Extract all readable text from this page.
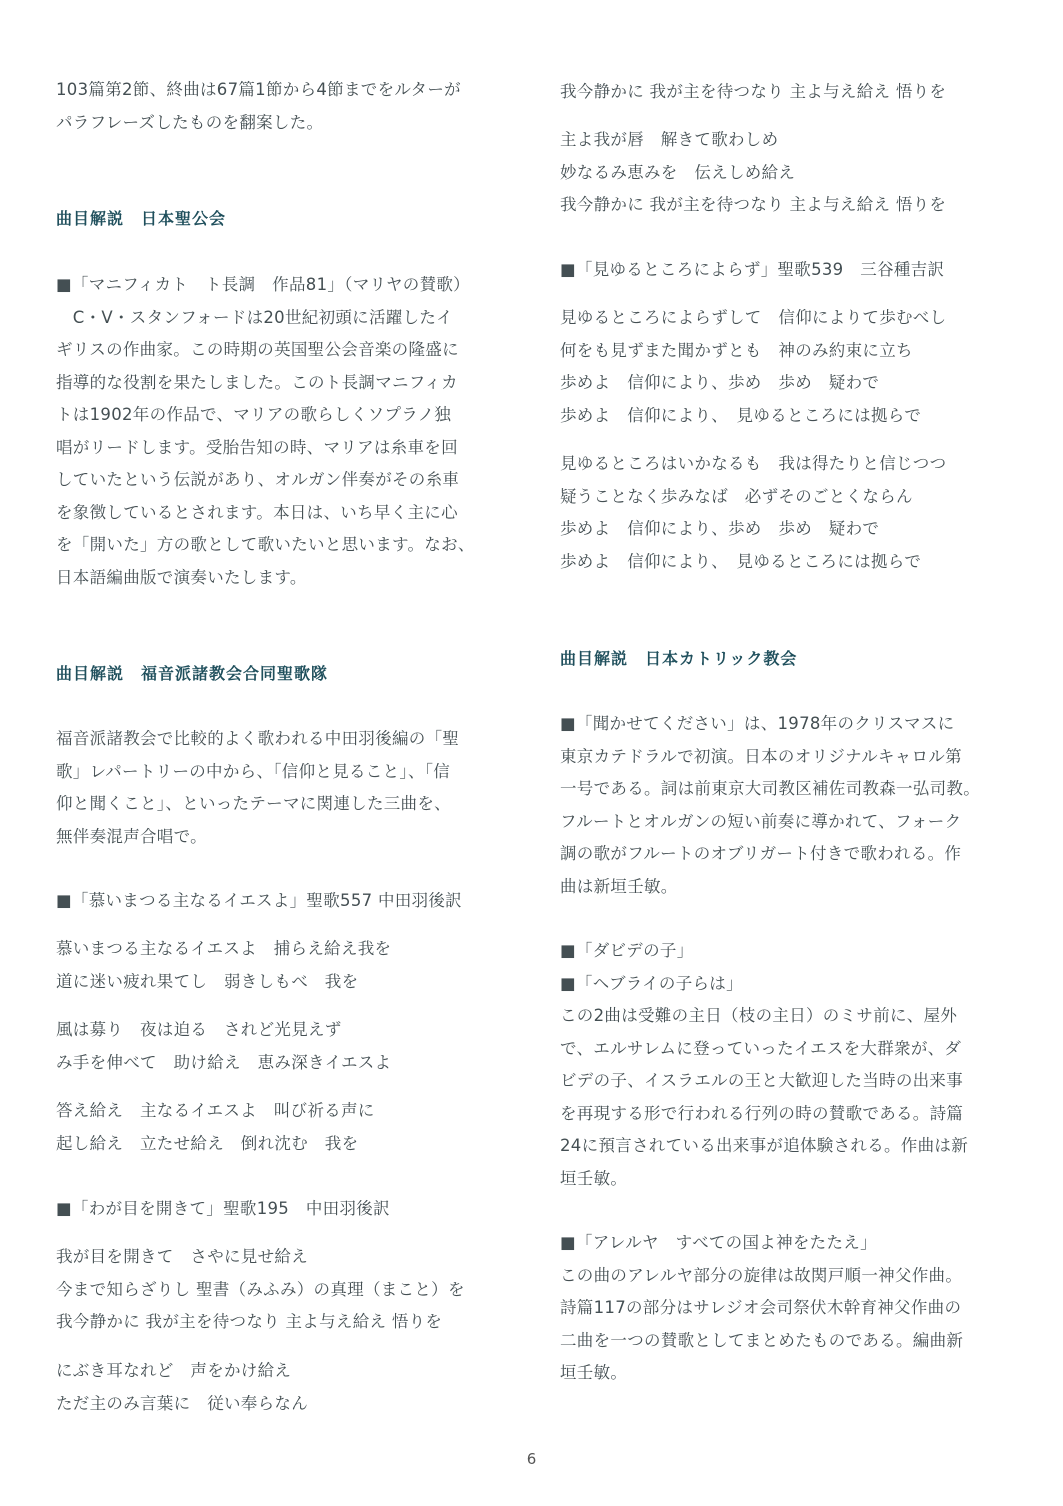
103篇第2節、終曲は67篇1節から4節までをルターが
パラフレーズしたものを翻案した。
曲目解説　日本聖公会
■「マニフィカト　ト長調　作品81」（マリヤの賛歌）
　C・V・スタンフォードは20世紀初頭に活躍したイ
ギリスの作曲家。この時期の英国聖公会音楽の隆盛に
指導的な役割を果たしました。このト長調マニフィカ
トは1902年の作品で、マリアの歌らしくソプラノ独
唱がリードします。受胎告知の時、マリアは糸車を回
していたという伝説があり、オルガン伴奏がその糸車
を象徴しているとされます。本日は、いち早く主に心
を「開いた」方の歌として歌いたいと思います。なお、
日本語編曲版で演奏いたします。
曲目解説　福音派諸教会合同聖歌隊
福音派諸教会で比較的よく歌われる中田羽後編の「聖
歌」レパートリーの中から、「信仰と見ること」、「信
仰と聞くこと」、といったテーマに関連した三曲を、
無伴奏混声合唱で。
■「慕いまつる主なるイエスよ」聖歌557 中田羽後訳
慕いまつる主なるイエスよ　捕らえ給え我を
道に迷い疲れ果てし　弱きしもべ　我を
風は募り　夜は迫る　されど光見えず
み手を伸べて　助け給え　恵み深きイエスよ
答え給え　主なるイエスよ　叫び祈る声に
起し給え　立たせ給え　倒れ沈む　我を
■「わが目を開きて」聖歌195　中田羽後訳
我が目を開きて　さやに見せ給え
今まで知らざりし 聖書（みふみ）の真理（まこと）を
我今静かに 我が主を待つなり 主よ与え給え 悟りを
にぶき耳なれど　声をかけ給え
ただ主のみ言葉に　従い奉らなん
我今静かに 我が主を待つなり 主よ与え給え 悟りを
主よ我が唇　解きて歌わしめ
妙なるみ恵みを　伝えしめ給え
我今静かに 我が主を待つなり 主よ与え給え 悟りを
■「見ゆるところによらず」聖歌539　三谷種吉訳
見ゆるところによらずして　信仰によりて歩むべし
何をも見ずまた聞かずとも　神のみ約束に立ち
歩めよ　信仰により、歩め　歩め　疑わで
歩めよ　信仰により、　見ゆるところには拠らで
見ゆるところはいかなるも　我は得たりと信じつつ
疑うことなく歩みなば　必ずそのごとくならん
歩めよ　信仰により、歩め　歩め　疑わで
歩めよ　信仰により、　見ゆるところには拠らで
曲目解説　日本カトリック教会
■「聞かせてください」は、1978年のクリスマスに
東京カテドラルで初演。日本のオリジナルキャロル第
一号である。詞は前東京大司教区補佐司教森一弘司教。
フルートとオルガンの短い前奏に導かれて、フォーク
調の歌がフルートのオブリガート付きで歌われる。作
曲は新垣壬敏。
■「ダビデの子」
■「ヘブライの子らは」
この2曲は受難の主日（枝の主日）のミサ前に、屋外
で、エルサレムに登っていったイエスを大群衆が、ダ
ビデの子、イスラエルの王と大歓迎した当時の出来事
を再現する形で行われる行列の時の賛歌である。詩篇
24に預言されている出来事が追体験される。作曲は新
垣壬敏。
■「アレルヤ　すべての国よ神をたたえ」
この曲のアレルヤ部分の旋律は故関戸順一神父作曲。
詩篇117の部分はサレジオ会司祭伏木幹育神父作曲の
二曲を一つの賛歌としてまとめたものである。編曲新
垣壬敏。
6
